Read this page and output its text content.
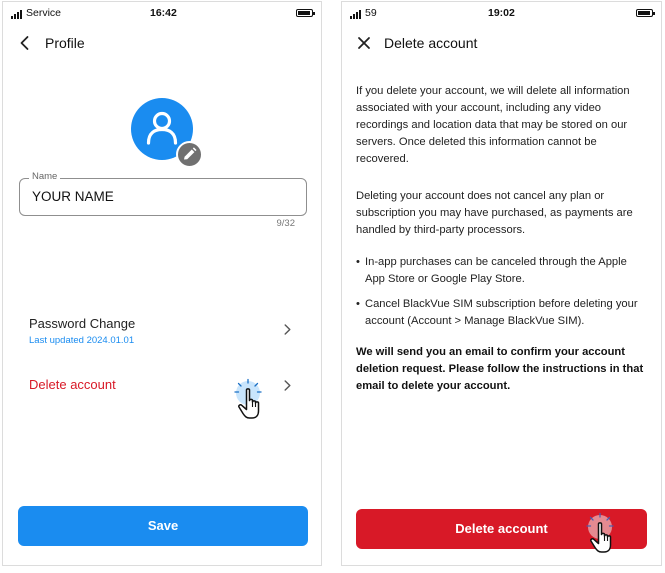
Service	16:42
Profile
YOUR NAME
Name
9/32
Password Change
Last updated 2024.01.01
Delete account
Save
59	19:02
Delete account
If you delete your account, we will delete all information associated with your account, including any video recordings and location data that may be stored on our servers. Once deleted this information cannot be recovered.
Deleting your account does not cancel any plan or subscription you may have purchased, as payments are handled by third-party processors.
• In-app purchases can be canceled through the Apple App Store or Google Play Store.
• Cancel BlackVue SIM subscription before deleting your account (Account > Manage BlackVue SIM).
We will send you an email to confirm your account deletion request. Please follow the instructions in that email to delete your account.
Delete account
